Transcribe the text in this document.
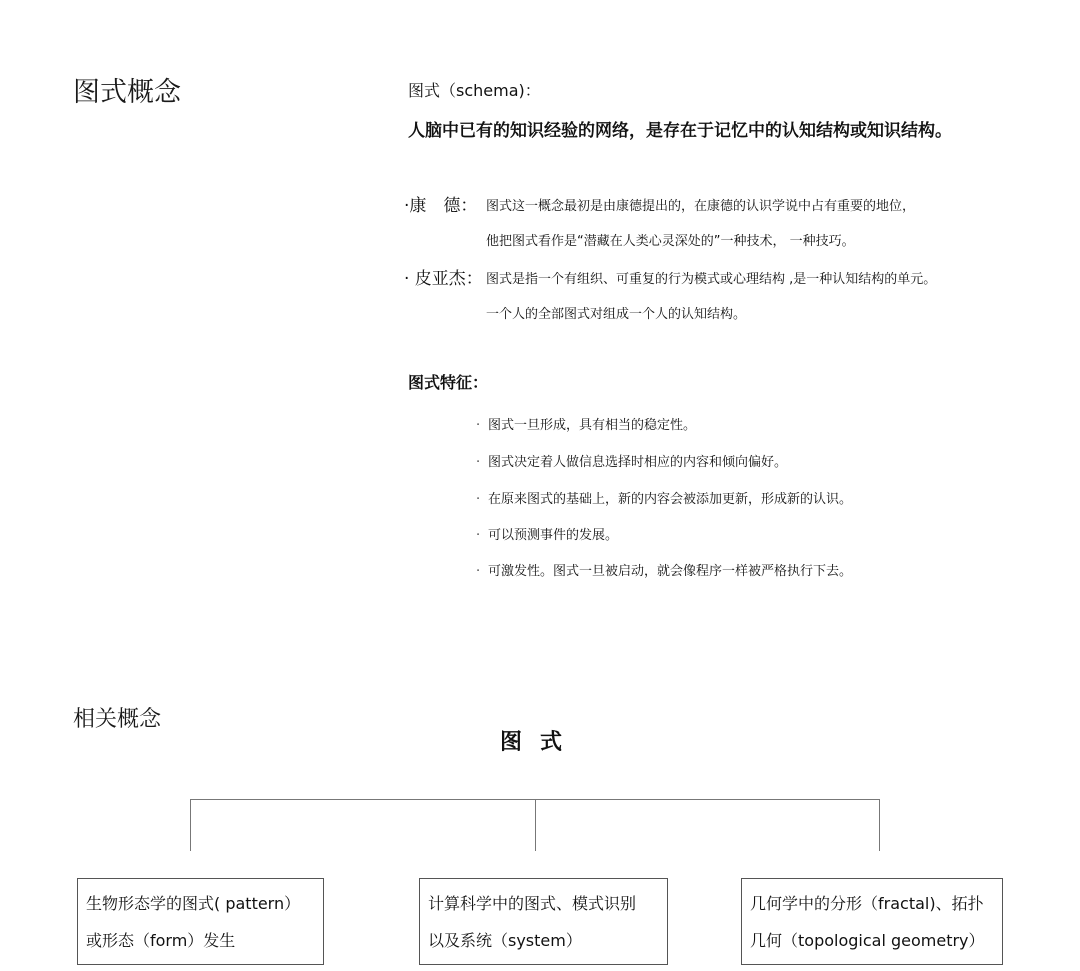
图式概念	图式（schema)：
人脑中已有的知识经验的网络，是存在于记忆中的认知结构或知识结构。
·康　德： 图式这一概念最初是由康德提出的，在康德的认识学说中占有重要的地位，
他把图式看作是“潜藏在人类心灵深处的”一种技术， 一种技巧。
· 皮亚杰： 图式是指一个有组织、可重复的行为模式或心理结构 ,是一种认知结构的单元。
一个人的全部图式对组成一个人的认知结构。
图式特征：
· 图式一旦形成，具有相当的稳定性。
· 图式决定着人做信息选择时相应的内容和倾向偏好。
· 在原来图式的基础上，新的内容会被添加更新，形成新的认识。
· 可以预测事件的发展。
· 可激发性。图式一旦被启动，就会像程序一样被严格执行下去。
相关概念
图式
生物形态学的图式( pattern）
或形态（form）发生
计算科学中的图式、模式识别
以及系统（system）
几何学中的分形（fractal)、拓扑
几何（topological geometry）
